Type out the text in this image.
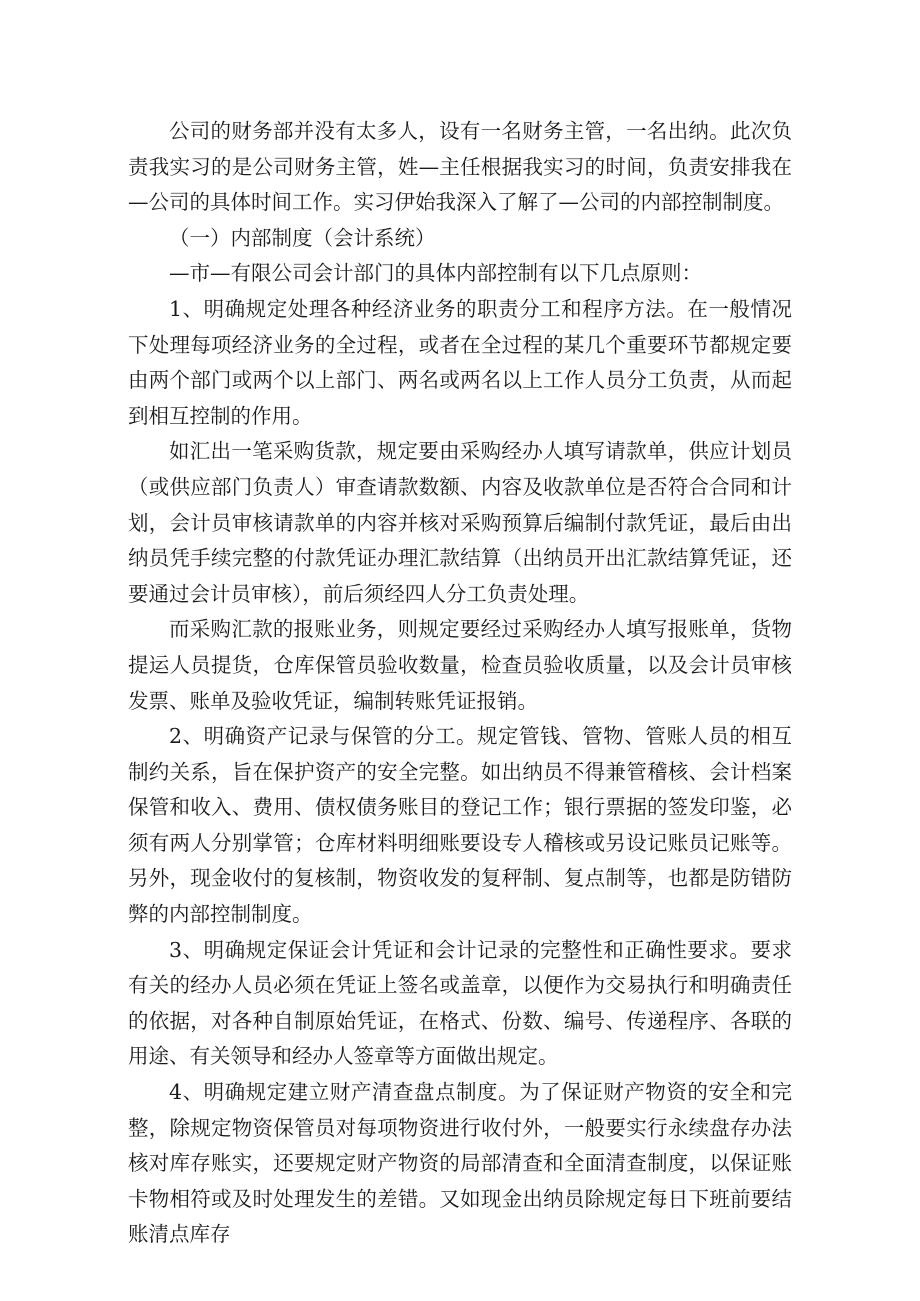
公司的财务部并没有太多人，设有一名财务主管，一名出纳。此次负责我实习的是公司财务主管，姓—主任根据我实习的时间，负责安排我在—公司的具体时间工作。实习伊始我深入了解了—公司的内部控制制度。

（一）内部制度（会计系统）

—市—有限公司会计部门的具体内部控制有以下几点原则：

1、明确规定处理各种经济业务的职责分工和程序方法。在一般情况下处理每项经济业务的全过程，或者在全过程的某几个重要环节都规定要由两个部门或两个以上部门、两名或两名以上工作人员分工负责，从而起到相互控制的作用。

如汇出一笔采购货款，规定要由采购经办人填写请款单，供应计划员（或供应部门负责人）审查请款数额、内容及收款单位是否符合合同和计划，会计员审核请款单的内容并核对采购预算后编制付款凭证，最后由出纳员凭手续完整的付款凭证办理汇款结算（出纳员开出汇款结算凭证，还要通过会计员审核），前后须经四人分工负责处理。

而采购汇款的报账业务，则规定要经过采购经办人填写报账单，货物提运人员提货，仓库保管员验收数量，检查员验收质量，以及会计员审核发票、账单及验收凭证，编制转账凭证报销。

2、明确资产记录与保管的分工。规定管钱、管物、管账人员的相互制约关系，旨在保护资产的安全完整。如出纳员不得兼管稽核、会计档案保管和收入、费用、债权债务账目的登记工作；银行票据的签发印鉴，必须有两人分别掌管；仓库材料明细账要设专人稽核或另设记账员记账等。另外，现金收付的复核制，物资收发的复秤制、复点制等，也都是防错防弊的内部控制制度。

3、明确规定保证会计凭证和会计记录的完整性和正确性要求。要求有关的经办人员必须在凭证上签名或盖章，以便作为交易执行和明确责任的依据，对各种自制原始凭证，在格式、份数、编号、传递程序、各联的用途、有关领导和经办人签章等方面做出规定。

4、明确规定建立财产清查盘点制度。为了保证财产物资的安全和完整，除规定物资保管员对每项物资进行收付外，一般要实行永续盘存办法核对库存账实，还要规定财产物资的局部清查和全面清查制度，以保证账卡物相符或及时处理发生的差错。又如现金出纳员除规定每日下班前要结账清点库存
